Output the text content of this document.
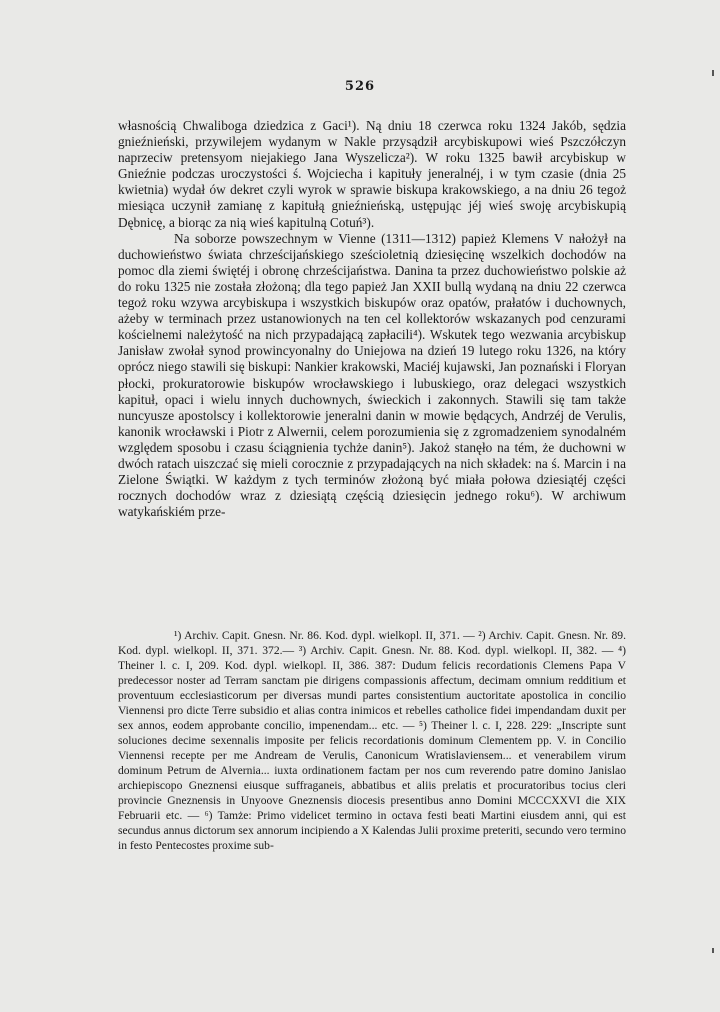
526

własnością Chwaliboga dziedzica z Gaci¹). Ną dniu 18 czerwca roku 1324 Jakób, sędzia gnieźnieński, przywilejem wydanym w Nakle przysądził arcybiskupowi wieś Pszczółczyn naprzeciw pretensyom niejakiego Jana Wyszeliczа²). W roku 1325 bawił arcybiskup w Gnieźnie podczas uroczystości ś. Wojciecha i kapituły jeneralnéj, i w tym czasie (dnia 25 kwietnia) wydał ów dekret czyli wyrok w sprawie biskupa krakowskiego, a na dniu 26 tegoż miesiąca uczynił zamianę z kapitułą gnieźnieńską, ustępując jéj wieś swoję arcybiskupią Dębnicę, a biorąc za nią wieś kapitulną Cotuń³).

Na soborze powszechnym w Vienne (1311—1312) papież Klemens V nałożył na duchowieństwo świata chrześcijańskiego sześcioletnią dziesięcinę wszelkich dochodów na pomoc dla ziemi świętéj i obronę chrześcijaństwa. Danina ta przez duchowieństwo polskie aż do roku 1325 nie została złożoną; dla tego papież Jan XXII bullą wydaną na dniu 22 czerwca tegoż roku wzywa arcybiskupa i wszystkich biskupów oraz opatów, prałatów i duchownych, ażeby w terminach przez ustanowionych na ten cel kollektorów wskazanych pod cenzurami kościelnemi należytość na nich przypadającą zapłacili⁴). Wskutek tego wezwania arcybiskup Janisław zwołał synod prowincyonalny do Uniejowa na dzień 19 lutego roku 1326, na który oprócz niego stawili się biskupi: Nankier krakowski, Maciéj kujawski, Jan poznański i Floryan płocki, prokuratorowie biskupów wrocławskiego i lubuskiego, oraz delegaci wszystkich kapituł, opaci i wielu innych duchownych, świeckich i zakonnych. Stawili się tam także nuncyusze apostolscy i kollektorowie jeneralni danin w mowie będących, Andrzéj de Verulis, kanonik wrocławski i Piotr z Alwernii, celem porozumienia się z zgromadzeniem synodalném względem sposobu i czasu ściągnienia tychże danin⁵). Jakoż stanęło na tém, że duchowni w dwóch ratach uiszczać się mieli corocznie z przypadających na nich składek: na ś. Marcin i na Zielone Świątki. W każdym z tych terminów złożoną być miała połowa dziesiątéj części rocznych dochodów wraz z dziesiątą częścią dziesięcin jednego roku⁶). W archiwum watykańskiém prze-

¹) Archiv. Capit. Gnesn. Nr. 86. Kod. dypl. wielkopl. II, 371. — ²) Archiv. Capit. Gnesn. Nr. 89. Kod. dypl. wielkopl. II, 371. 372.— ³) Archiv. Capit. Gnesn. Nr. 88. Kod. dypl. wielkopl. II, 382. — ⁴) Theiner l. c. I, 209. Kod. dypl. wielkopl. II, 386. 387: Dudum felicis recordationis Clemens Papa V predecessor noster ad Terram sanctam pie dirigens compassionis affectum, decimam omnium redditium et proventuum ecclesiasticorum per diversas mundi partes consistentium auctoritate apostolica in concilio Viennensi pro dicte Terre subsidio et alias contra inimicos et rebelles catholice fidei impendandam duxit per sex annos, eodem approbante concilio, impenendam... etc. — ⁵) Theiner l. c. I, 228. 229: „Inscripte sunt soluciones decime sexennalis imposite per felicis recordationis dominum Clementem pp. V. in Concilio Viennensi recepte per me Andream de Verulis, Canonicum Wratislaviensem... et venerabilem virum dominum Petrum de Alvernia... iuxta ordinationem factam per nos cum reverendo patre domino Janislao archiepiscopo Gneznensi eiusque suffraganeis, abbatibus et aliis prelatis et procuratoribus tocius cleri provincie Gneznensis in Unyoove Gneznensis diocesis presentibus anno Domini MCCCXXVI die XIX Februarii etc. — ⁶) Tamże: Primo videlicet termino in octava festi beati Martini eiusdem anni, qui est secundus annus dictorum sex annorum incipiendo a X Kalendas Julii proxime preteriti, secundo vero termino in festo Pentecostes proxime sub-
